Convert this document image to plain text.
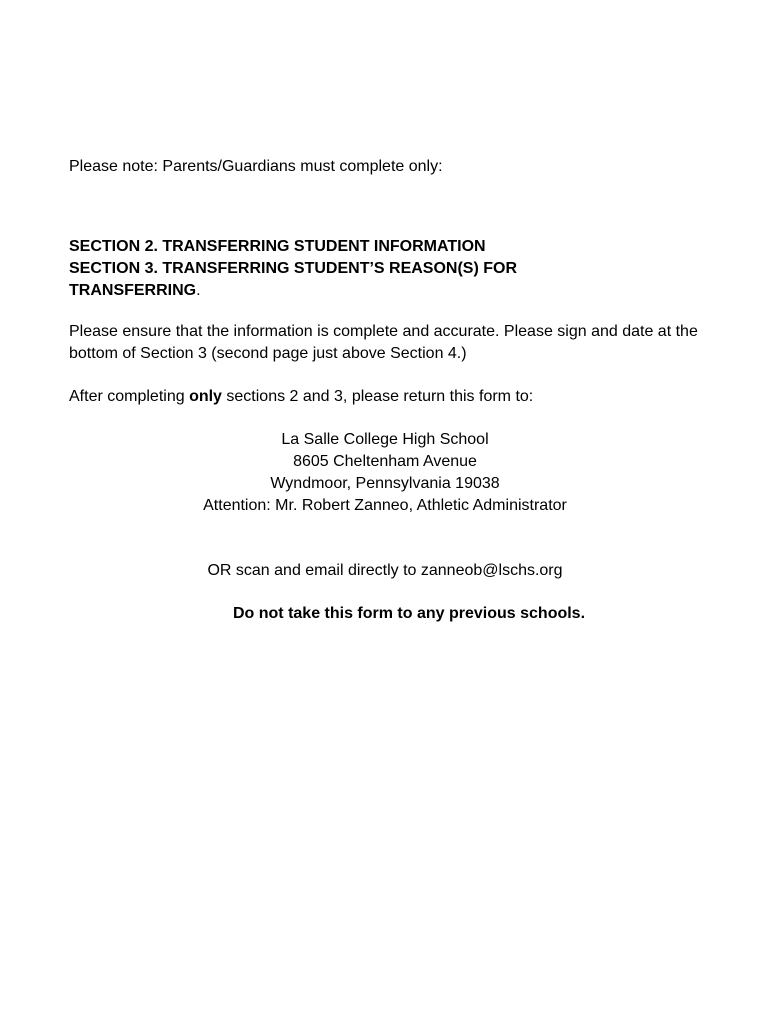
Please note: Parents/Guardians must complete only:
SECTION 2. TRANSFERRING STUDENT INFORMATION
SECTION 3. TRANSFERRING STUDENT’S REASON(S) FOR
TRANSFERRING.
Please ensure that the information is complete and accurate. Please sign and date at the bottom of Section 3 (second page just above Section 4.)
After completing only sections 2 and 3, please return this form to:
La Salle College High School
8605 Cheltenham Avenue
Wyndmoor, Pennsylvania 19038
Attention: Mr. Robert Zanneo, Athletic Administrator
OR scan and email directly to zanneob@lschs.org
Do not take this form to any previous schools.
